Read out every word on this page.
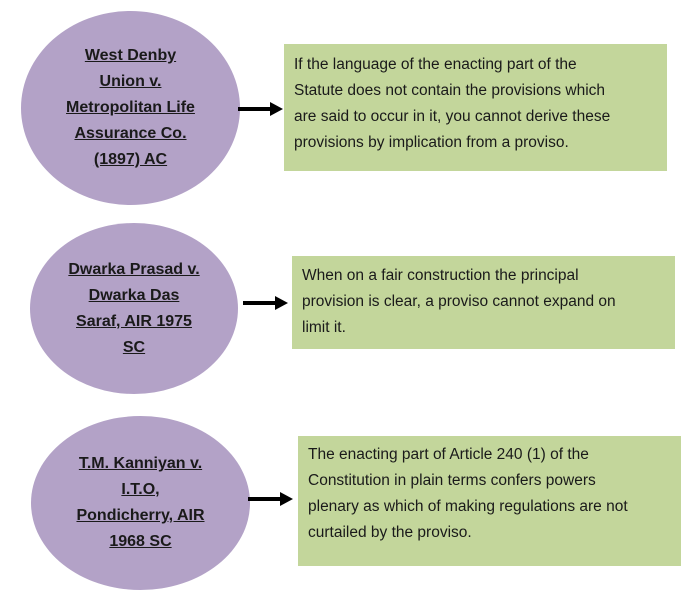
West Denby
Union v.
Metropolitan Life
Assurance Co.
(1897) AC
If the language of the enacting part of the
Statute does not contain the provisions which
are said to occur in it, you cannot derive these
provisions by implication from a proviso.
Dwarka Prasad v.
Dwarka Das
Saraf, AIR 1975
SC
When on a fair construction the principal
provision is clear, a proviso cannot expand on
limit it.
T.M. Kanniyan v.
I.T.O,
Pondicherry, AIR
1968 SC
The enacting part of Article 240 (1) of the
Constitution in plain terms confers powers
plenary as which of making regulations are not
curtailed by the proviso.
